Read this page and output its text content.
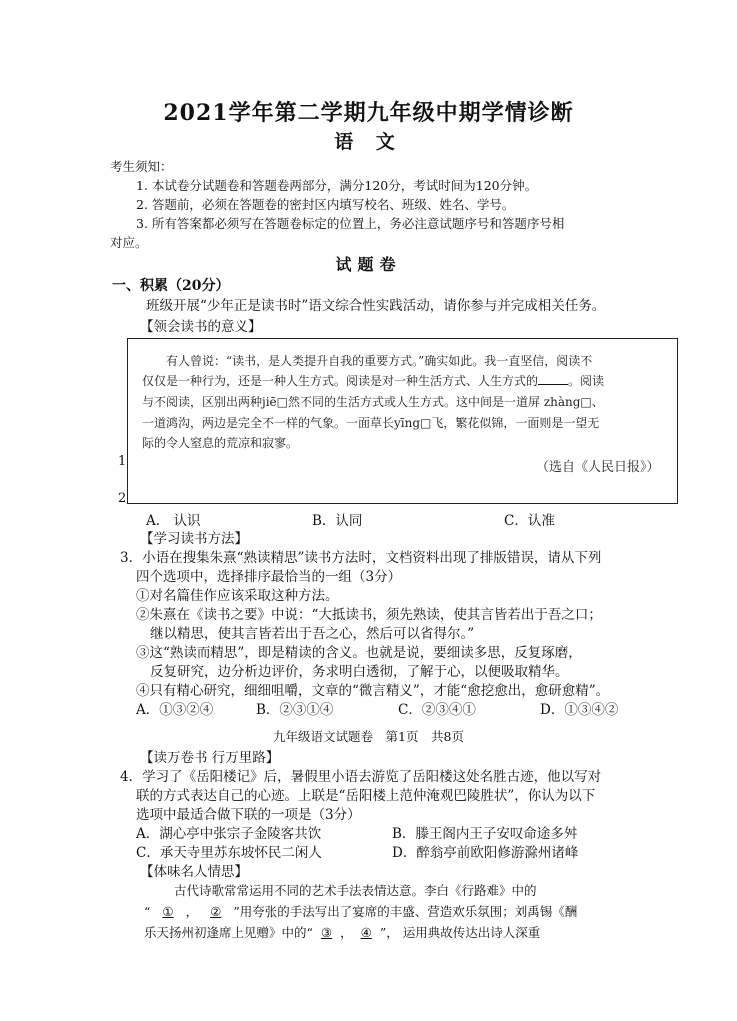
2021学年第二学期九年级中期学情诊断
语 文
考生须知：
1. 本试卷分试题卷和答题卷两部分，满分120分，考试时间为120分钟。
2. 答题前，必须在答题卷的密封区内填写校名、班级、姓名、学号。
3. 所有答案都必须写在答题卷标定的位置上，务必注意试题序号和答题序号相
对应。
试题卷
一、积累（20分）
班级开展“少年正是读书时”语文综合性实践活动，请你参与并完成相关任务。
【领会读书的意义】
有人曾说：“读书，是人类提升自我的重要方式。”确实如此。我一直坚信，阅读不
仅仅是一种行为，还是一种人生方式。阅读是对一种生活方式、人生方式的	。阅读
与不阅读，区别出两种jiē□然不同的生活方式或人生方式。这中间是一道屏 zhàng□、
一道鸿沟，两边是完全不一样的气象。一面草长yīng□飞，繁花似锦，一面则是一望无
际的令人窒息的荒凉和寂寥。
（选自《人民日报》）
1
2
A． 认识	B．认同	C．认准
【学习读书方法】
3．小语在搜集朱熹“熟读精思”读书方法时，文档资料出现了排版错误，请从下列
四个选项中，选择排序最恰当的一组（3分）
①对名篇佳作应该采取这种方法。
②朱熹在《读书之要》中说：“大抵读书，须先熟读，使其言皆若出于吾之口；
继以精思，使其言皆若出于吾之心，然后可以省得尔。”
③这“熟读而精思”，即是精读的含义。也就是说，要细读多思，反复琢磨，
反复研究，边分析边评价，务求明白透彻，了解于心，以便吸取精华。
④只有精心研究，细细咀嚼，文章的“微言精义”，才能“愈挖愈出，愈研愈精”。
A．①③②④	B．②③①④	C．②③④①	D．①③④②
九年级语文试题卷　第1页　共8页
【读万卷书 行万里路】
4．学习了《岳阳楼记》后，暑假里小语去游览了岳阳楼这处名胜古迹，他以写对
联的方式表达自己的心迹。上联是“岳阳楼上范仲淹观巴陵胜状”，你认为以下
选项中最适合做下联的一项是（3分）
A．湖心亭中张宗子金陵客共饮	B．滕王阁内王子安叹命途多舛
C．承天寺里苏东坡怀民二闲人	D．醉翁亭前欧阳修游滁州诸峰
【体味名人情思】
古代诗歌常常运用不同的艺术手法表情达意。李白《行路难》中的
“ ① ， ② ”用夸张的手法写出了宴席的丰盛、营造欢乐氛围；刘禹锡《酬
乐天扬州初逢席上见赠》中的“ ③ ， ④ ”， 运用典故传达出诗人深重
